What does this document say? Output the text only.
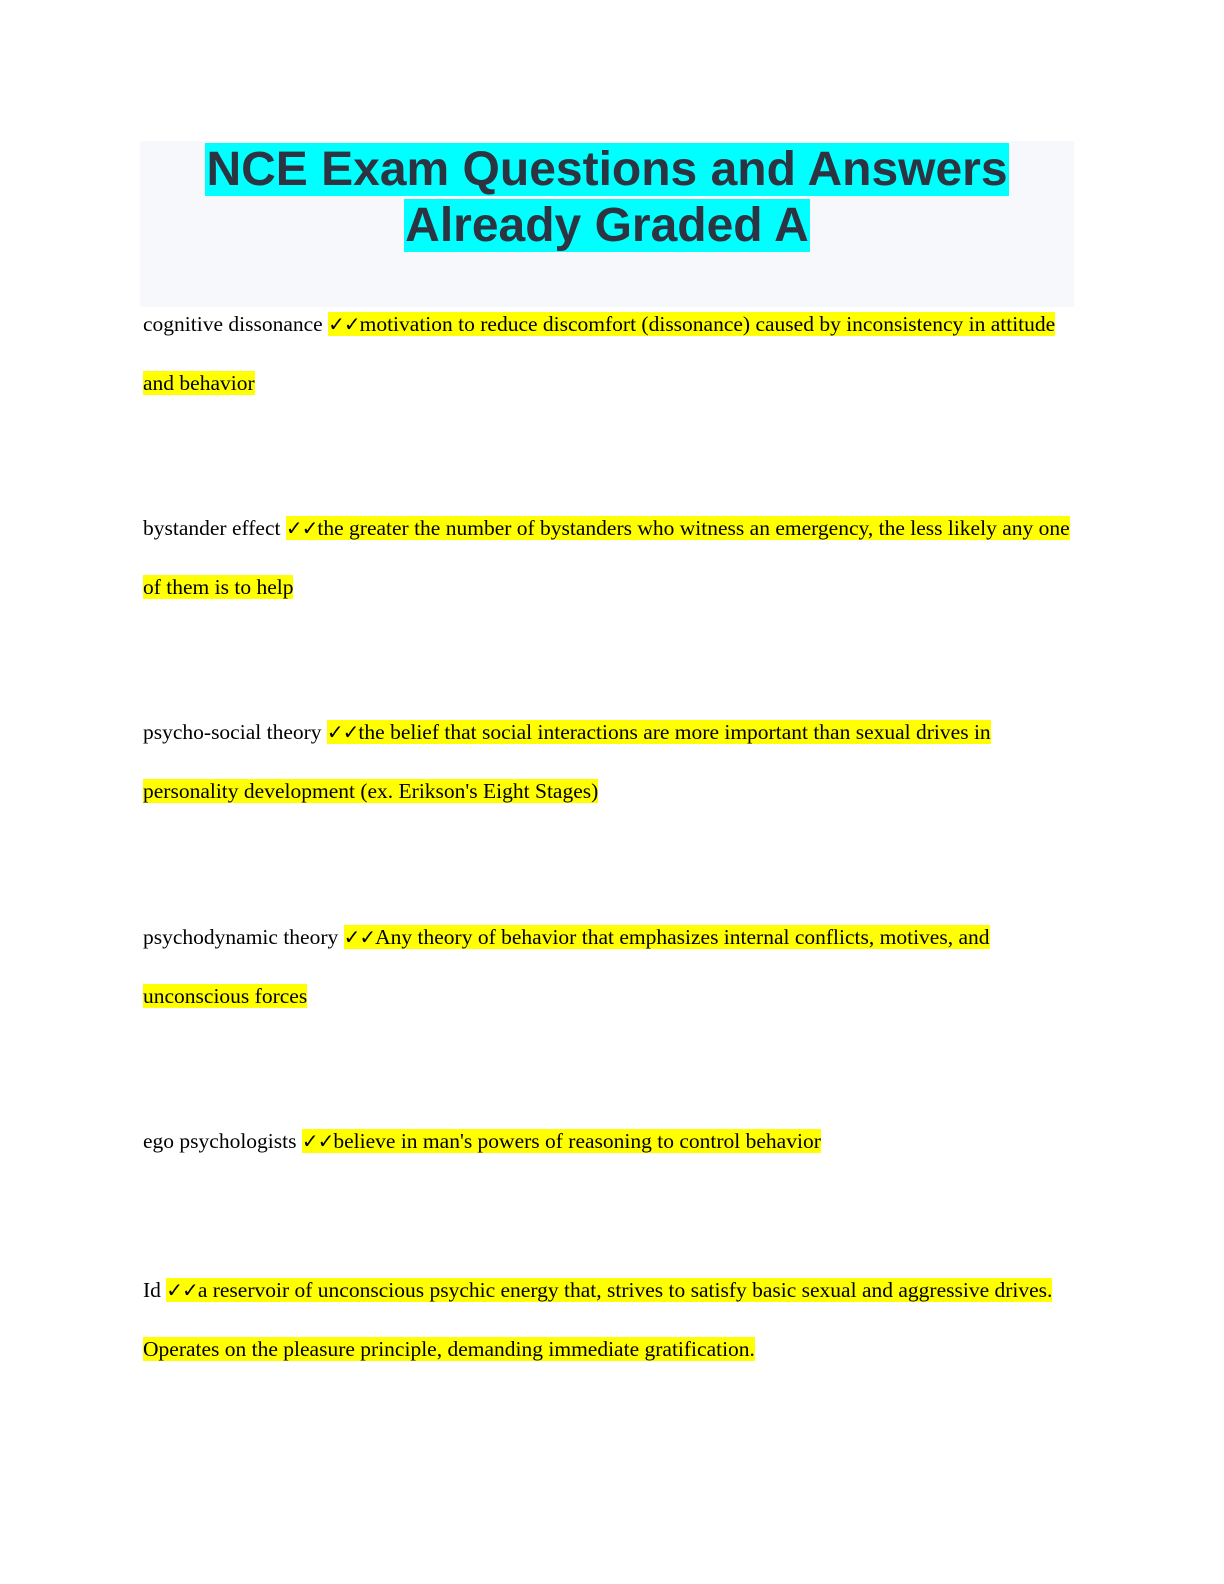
NCE Exam Questions and Answers

Already Graded A

cognitive dissonance ✓✓motivation to reduce discomfort (dissonance) caused by inconsistency in attitude and behavior
bystander effect ✓✓the greater the number of bystanders who witness an emergency, the less likely any one of them is to help
psycho-social theory ✓✓the belief that social interactions are more important than sexual drives in personality development (ex. Erikson's Eight Stages)
psychodynamic theory ✓✓Any theory of behavior that emphasizes internal conflicts, motives, and unconscious forces
ego psychologists ✓✓believe in man's powers of reasoning to control behavior
Id ✓✓a reservoir of unconscious psychic energy that, strives to satisfy basic sexual and aggressive drives. Operates on the pleasure principle, demanding immediate gratification.
